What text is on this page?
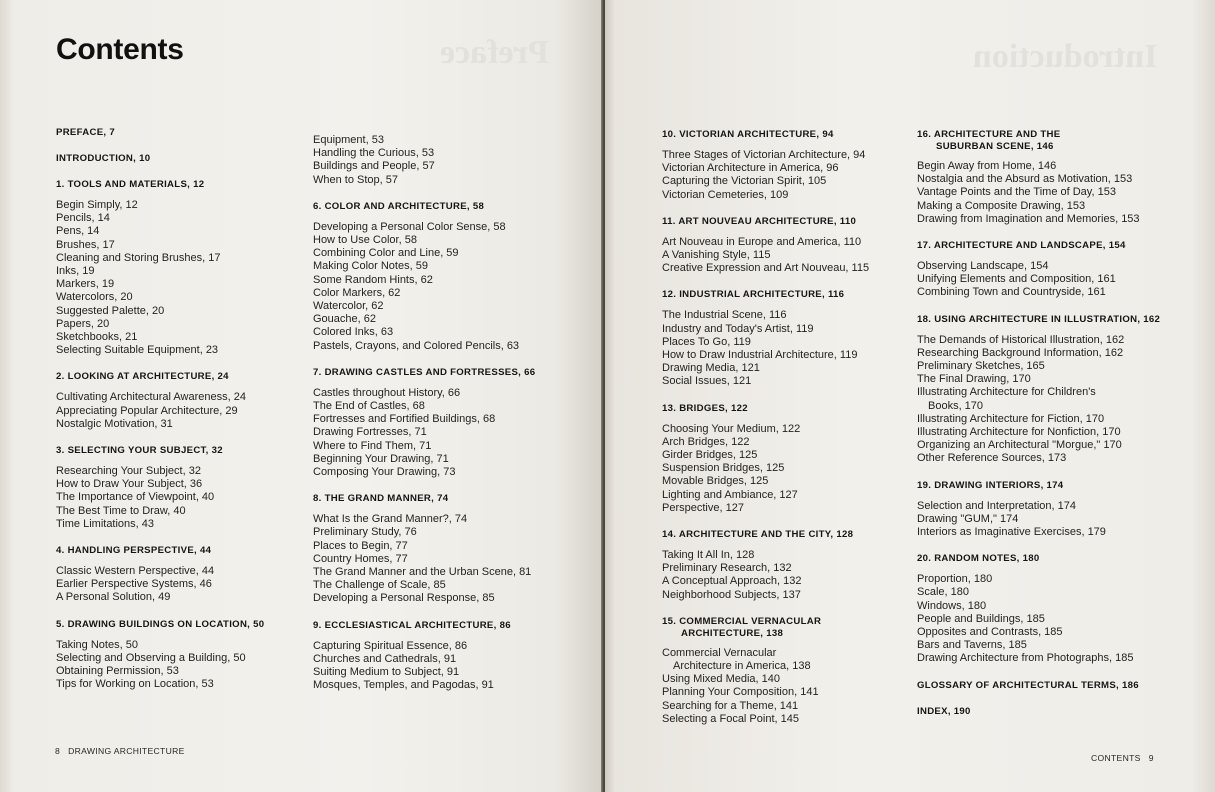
Preface
Contents
PREFACE, 7
INTRODUCTION, 10
1. TOOLS AND MATERIALS, 12
Begin Simply, 12
Pencils, 14
Pens, 14
Brushes, 17
Cleaning and Storing Brushes, 17
Inks, 19
Markers, 19
Watercolors, 20
Suggested Palette, 20
Papers, 20
Sketchbooks, 21
Selecting Suitable Equipment, 23
2. LOOKING AT ARCHITECTURE, 24
Cultivating Architectural Awareness, 24
Appreciating Popular Architecture, 29
Nostalgic Motivation, 31
3. SELECTING YOUR SUBJECT, 32
Researching Your Subject, 32
How to Draw Your Subject, 36
The Importance of Viewpoint, 40
The Best Time to Draw, 40
Time Limitations, 43
4. HANDLING PERSPECTIVE, 44
Classic Western Perspective, 44
Earlier Perspective Systems, 46
A Personal Solution, 49
5. DRAWING BUILDINGS ON LOCATION, 50
Taking Notes, 50
Selecting and Observing a Building, 50
Obtaining Permission, 53
Tips for Working on Location, 53
Equipment, 53
Handling the Curious, 53
Buildings and People, 57
When to Stop, 57
6. COLOR AND ARCHITECTURE, 58
Developing a Personal Color Sense, 58
How to Use Color, 58
Combining Color and Line, 59
Making Color Notes, 59
Some Random Hints, 62
Color Markers, 62
Watercolor, 62
Gouache, 62
Colored Inks, 63
Pastels, Crayons, and Colored Pencils, 63
7. DRAWING CASTLES AND FORTRESSES, 66
Castles throughout History, 66
The End of Castles, 68
Fortresses and Fortified Buildings, 68
Drawing Fortresses, 71
Where to Find Them, 71
Beginning Your Drawing, 71
Composing Your Drawing, 73
8. THE GRAND MANNER, 74
What Is the Grand Manner?, 74
Preliminary Study, 76
Places to Begin, 77
Country Homes, 77
The Grand Manner and the Urban Scene, 81
The Challenge of Scale, 85
Developing a Personal Response, 85
9. ECCLESIASTICAL ARCHITECTURE, 86
Capturing Spiritual Essence, 86
Churches and Cathedrals, 91
Suiting Medium to Subject, 91
Mosques, Temples, and Pagodas, 91
8 DRAWING ARCHITECTURE
Introduction
10. VICTORIAN ARCHITECTURE, 94
Three Stages of Victorian Architecture, 94
Victorian Architecture in America, 96
Capturing the Victorian Spirit, 105
Victorian Cemeteries, 109
11. ART NOUVEAU ARCHITECTURE, 110
Art Nouveau in Europe and America, 110
A Vanishing Style, 115
Creative Expression and Art Nouveau, 115
12. INDUSTRIAL ARCHITECTURE, 116
The Industrial Scene, 116
Industry and Today's Artist, 119
Places To Go, 119
How to Draw Industrial Architecture, 119
Drawing Media, 121
Social Issues, 121
13. BRIDGES, 122
Choosing Your Medium, 122
Arch Bridges, 122
Girder Bridges, 125
Suspension Bridges, 125
Movable Bridges, 125
Lighting and Ambiance, 127
Perspective, 127
14. ARCHITECTURE AND THE CITY, 128
Taking It All In, 128
Preliminary Research, 132
A Conceptual Approach, 132
Neighborhood Subjects, 137
15. COMMERCIAL VERNACULAR
ARCHITECTURE, 138
Commercial Vernacular
Architecture in America, 138
Using Mixed Media, 140
Planning Your Composition, 141
Searching for a Theme, 141
Selecting a Focal Point, 145
16. ARCHITECTURE AND THE
SUBURBAN SCENE, 146
Begin Away from Home, 146
Nostalgia and the Absurd as Motivation, 153
Vantage Points and the Time of Day, 153
Making a Composite Drawing, 153
Drawing from Imagination and Memories, 153
17. ARCHITECTURE AND LANDSCAPE, 154
Observing Landscape, 154
Unifying Elements and Composition, 161
Combining Town and Countryside, 161
18. USING ARCHITECTURE IN ILLUSTRATION, 162
The Demands of Historical Illustration, 162
Researching Background Information, 162
Preliminary Sketches, 165
The Final Drawing, 170
Illustrating Architecture for Children's
Books, 170
Illustrating Architecture for Fiction, 170
Illustrating Architecture for Nonfiction, 170
Organizing an Architectural "Morgue," 170
Other Reference Sources, 173
19. DRAWING INTERIORS, 174
Selection and Interpretation, 174
Drawing "GUM," 174
Interiors as Imaginative Exercises, 179
20. RANDOM NOTES, 180
Proportion, 180
Scale, 180
Windows, 180
People and Buildings, 185
Opposites and Contrasts, 185
Bars and Taverns, 185
Drawing Architecture from Photographs, 185
GLOSSARY OF ARCHITECTURAL TERMS, 186
INDEX, 190
CONTENTS 9
